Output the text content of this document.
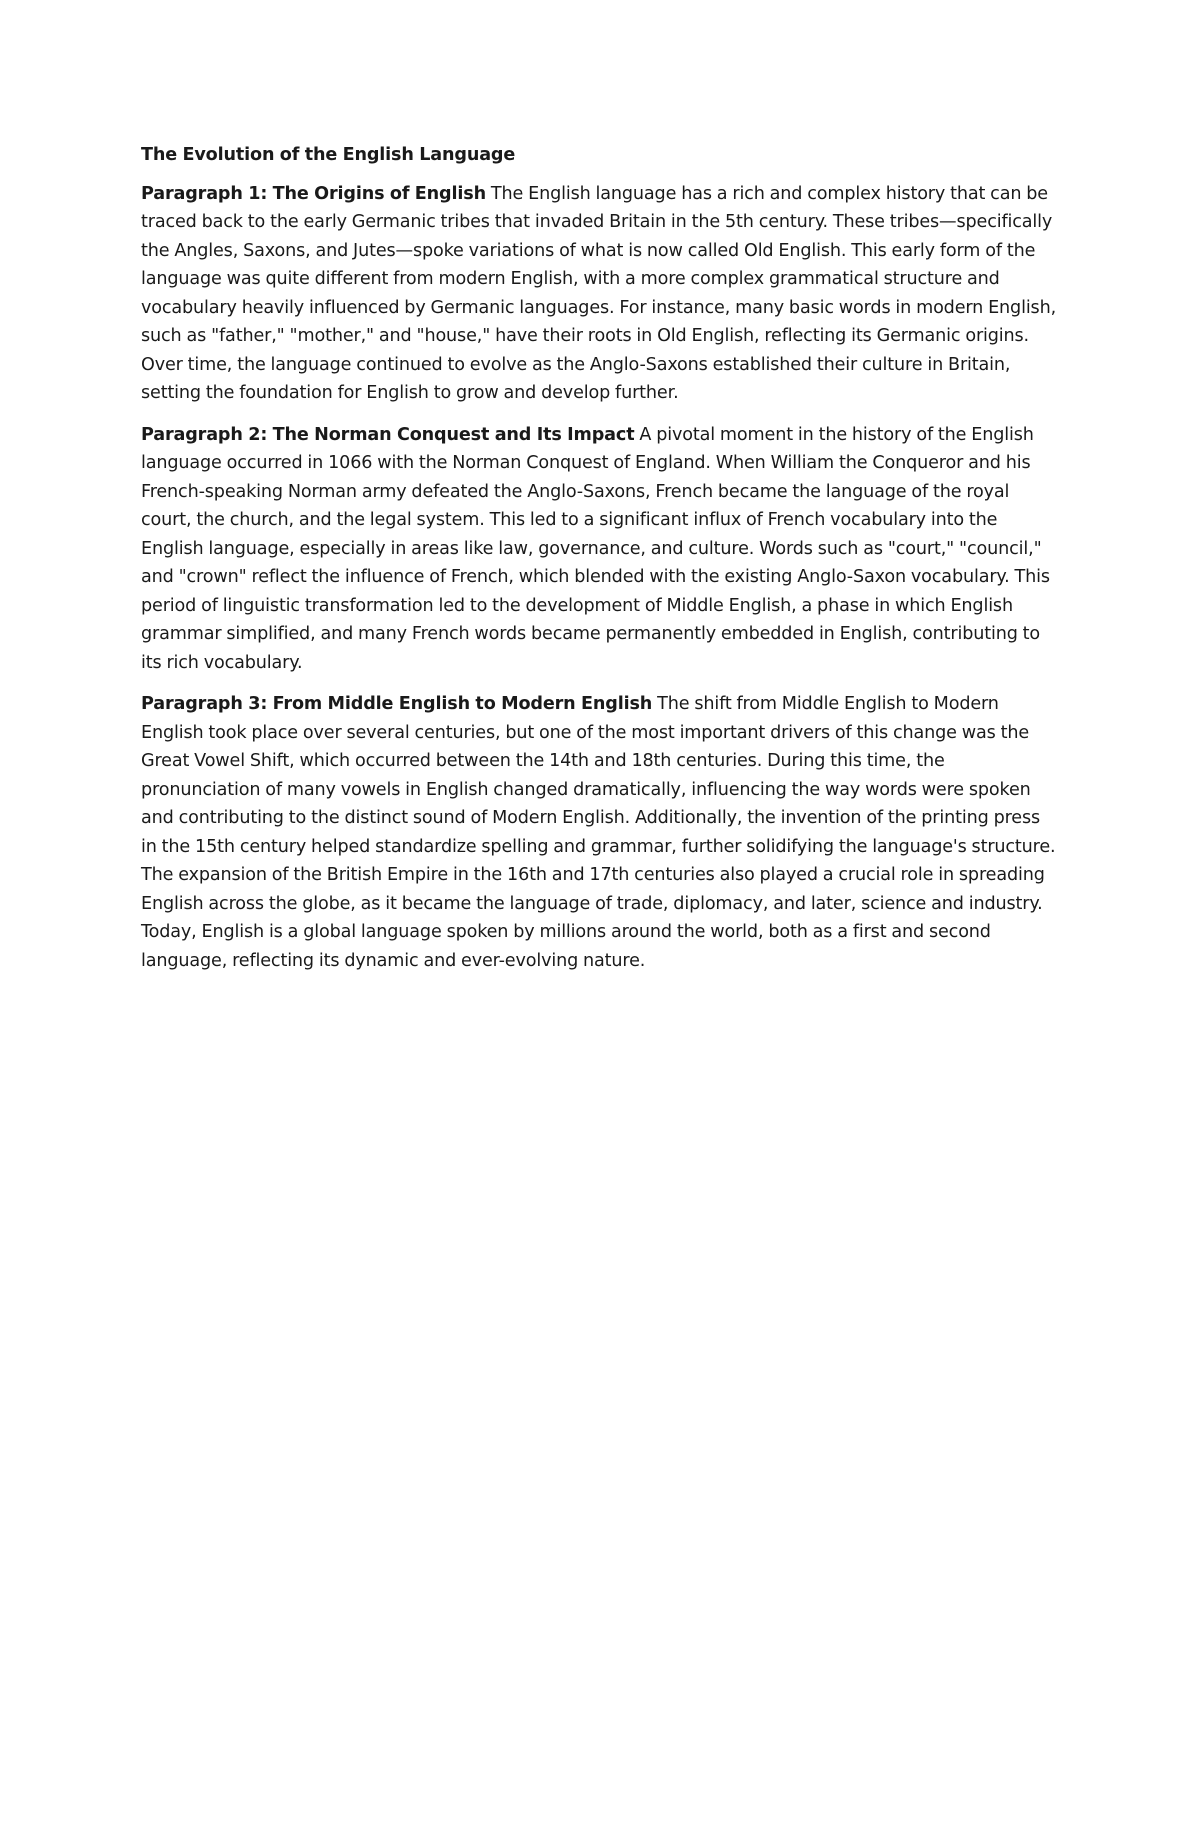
The Evolution of the English Language

Paragraph 1: The Origins of English The English language has a rich and complex history that can be traced back to the early Germanic tribes that invaded Britain in the 5th century. These tribes—specifically the Angles, Saxons, and Jutes—spoke variations of what is now called Old English. This early form of the language was quite different from modern English, with a more complex grammatical structure and vocabulary heavily influenced by Germanic languages. For instance, many basic words in modern English, such as "father," "mother," and "house," have their roots in Old English, reflecting its Germanic origins. Over time, the language continued to evolve as the Anglo-Saxons established their culture in Britain, setting the foundation for English to grow and develop further.

Paragraph 2: The Norman Conquest and Its Impact A pivotal moment in the history of the English language occurred in 1066 with the Norman Conquest of England. When William the Conqueror and his French-speaking Norman army defeated the Anglo-Saxons, French became the language of the royal court, the church, and the legal system. This led to a significant influx of French vocabulary into the English language, especially in areas like law, governance, and culture. Words such as "court," "council," and "crown" reflect the influence of French, which blended with the existing Anglo-Saxon vocabulary. This period of linguistic transformation led to the development of Middle English, a phase in which English grammar simplified, and many French words became permanently embedded in English, contributing to its rich vocabulary.

Paragraph 3: From Middle English to Modern English The shift from Middle English to Modern English took place over several centuries, but one of the most important drivers of this change was the Great Vowel Shift, which occurred between the 14th and 18th centuries. During this time, the pronunciation of many vowels in English changed dramatically, influencing the way words were spoken and contributing to the distinct sound of Modern English. Additionally, the invention of the printing press in the 15th century helped standardize spelling and grammar, further solidifying the language's structure. The expansion of the British Empire in the 16th and 17th centuries also played a crucial role in spreading English across the globe, as it became the language of trade, diplomacy, and later, science and industry. Today, English is a global language spoken by millions around the world, both as a first and second language, reflecting its dynamic and ever-evolving nature.
